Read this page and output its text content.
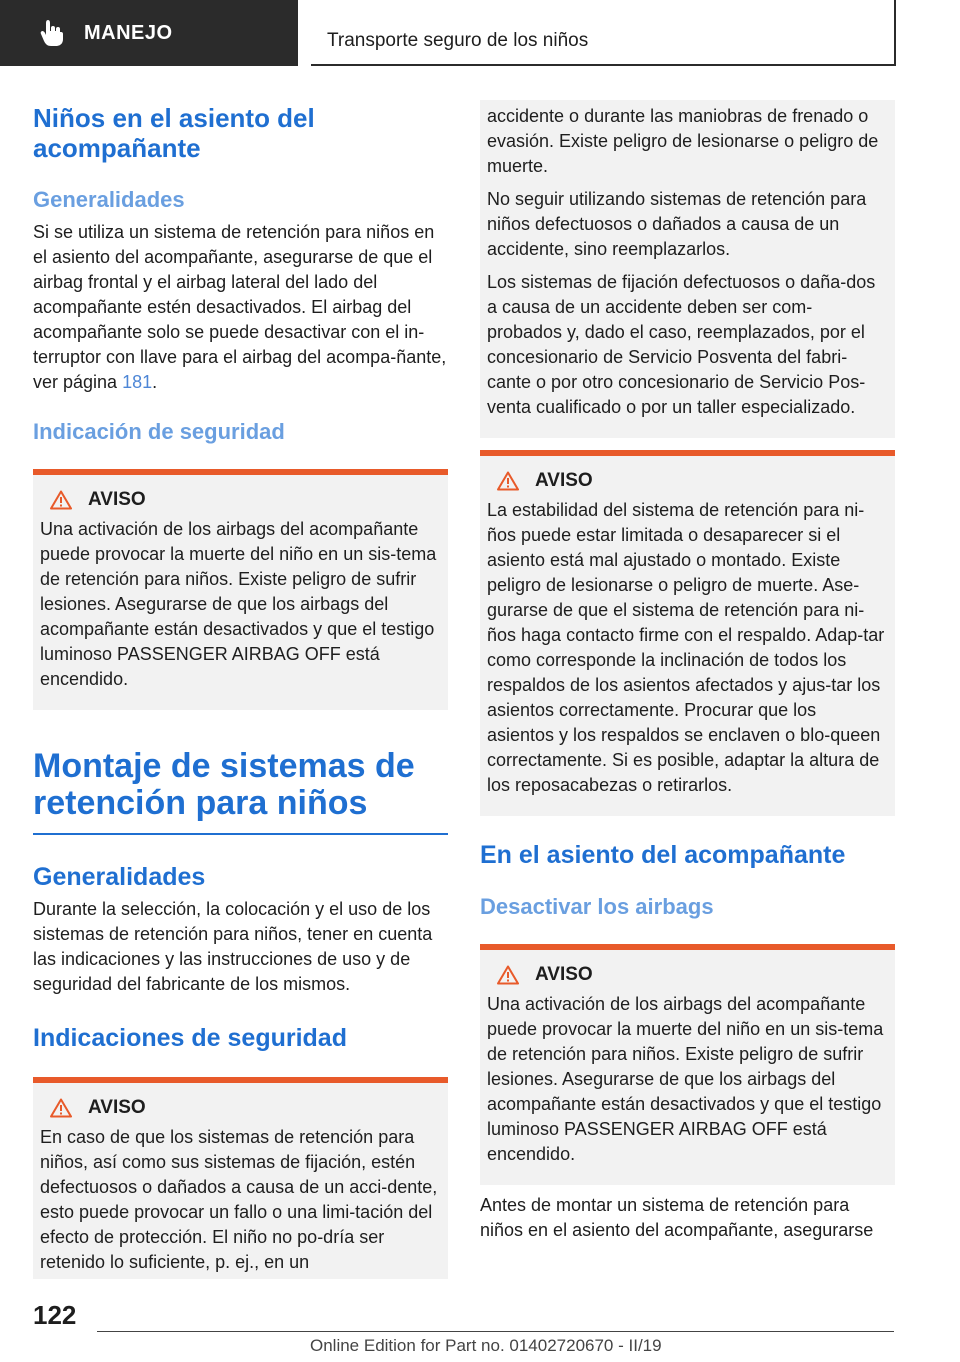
MANEJO	Transporte seguro de los niños
Niños en el asiento del acompañante
Generalidades

Si se utiliza un sistema de retención para niños en el asiento del acompañante, asegurarse de que el airbag frontal y el airbag lateral del lado del acompañante estén desactivados. El airbag del acompañante solo se puede desactivar con el in-terruptor con llave para el airbag del acompa-ñante, ver página 181.

Indicación de seguridad
AVISO

Una activación de los airbags del acompañante puede provocar la muerte del niño en un sis-tema de retención para niños. Existe peligro de sufrir lesiones. Asegurarse de que los airbags del acompañante están desactivados y que el testigo luminoso PASSENGER AIRBAG OFF está encendido.

Montaje de sistemas de retención para niños
Generalidades

Durante la selección, la colocación y el uso de los sistemas de retención para niños, tener en cuenta las indicaciones y las instrucciones de uso y de seguridad del fabricante de los mismos.

Indicaciones de seguridad
AVISO

En caso de que los sistemas de retención para niños, así como sus sistemas de fijación, estén defectuosos o dañados a causa de un acci-dente, esto puede provocar un fallo o una limi-tación del efecto de protección. El niño no po-dría ser retenido lo suficiente, p. ej., en un

accidente o durante las maniobras de frenado o evasión. Existe peligro de lesionarse o peligro de muerte.

No seguir utilizando sistemas de retención para niños defectuosos o dañados a causa de un accidente, sino reemplazarlos.

Los sistemas de fijación defectuosos o daña-dos a causa de un accidente deben ser com-probados y, dado el caso, reemplazados, por el concesionario de Servicio Posventa del fabri-cante o por otro concesionario de Servicio Pos-venta cualificado o por un taller especializado.

AVISO

La estabilidad del sistema de retención para ni-ños puede estar limitada o desaparecer si el asiento está mal ajustado o montado. Existe peligro de lesionarse o peligro de muerte. Ase-gurarse de que el sistema de retención para ni-ños haga contacto firme con el respaldo. Adap-tar como corresponde la inclinación de todos los respaldos de los asientos afectados y ajus-tar los asientos correctamente. Procurar que los asientos y los respaldos se enclaven o blo-queen correctamente. Si es posible, adaptar la altura de los reposacabezas o retirarlos.

En el asiento del acompañante
Desactivar los airbags
AVISO

Una activación de los airbags del acompañante puede provocar la muerte del niño en un sis-tema de retención para niños. Existe peligro de sufrir lesiones. Asegurarse de que los airbags del acompañante están desactivados y que el testigo luminoso PASSENGER AIRBAG OFF está encendido.

Antes de montar un sistema de retención para niños en el asiento del acompañante, asegurarse

122
Online Edition for Part no. 01402720670 - II/19
